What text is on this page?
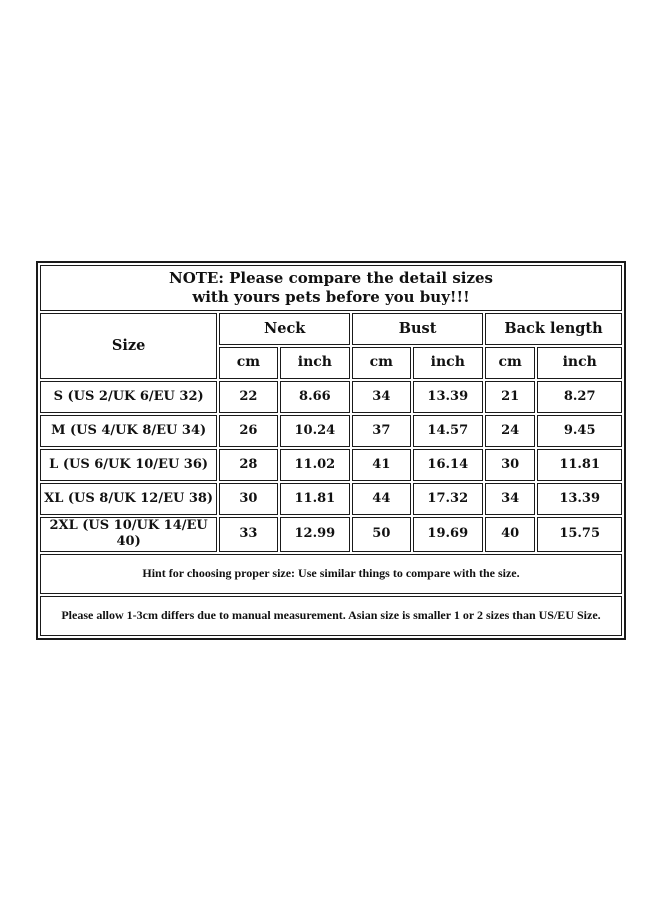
NOTE: Please compare the detail sizes
with yours pets before you buy!!!						

Size	Neck		Bust		Back length	
	cm	inch	cm	inch	cm	inch
S (US 2/UK 6/EU 32)	22	8.66	34	13.39	21	8.27
M (US 4/UK 8/EU 34)	26	10.24	37	14.57	24	9.45
L (US 6/UK 10/EU 36)	28	11.02	41	16.14	30	11.81
XL (US 8/UK 12/EU 38)	30	11.81	44	17.32	34	13.39
2XL (US 10/UK 14/EU 40)	33	12.99	50	19.69	40	15.75
Hint for choosing proper size: Use similar things to compare with the size.						
Please allow 1-3cm differs due to manual measurement. Asian size is smaller 1 or 2 sizes than US/EU Size.						
